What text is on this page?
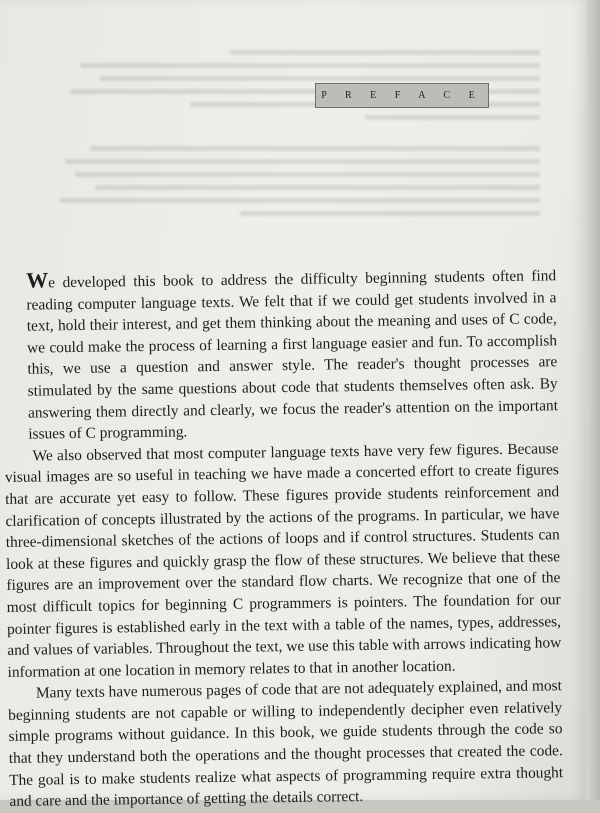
P R E F A C E

We developed this book to address the difficulty beginning students often find reading computer language texts. We felt that if we could get students involved in a text, hold their interest, and get them thinking about the meaning and uses of C code, we could make the process of learning a first language easier and fun. To accomplish this, we use a question and answer style. The reader's thought processes are stimulated by the same questions about code that students themselves often ask. By answering them directly and clearly, we focus the reader's attention on the important issues of C programming.

We also observed that most computer language texts have very few figures. Because visual images are so useful in teaching we have made a concerted effort to create figures that are accurate yet easy to follow. These figures provide students reinforcement and clarification of concepts illustrated by the actions of the programs. In particular, we have three-dimensional sketches of the actions of loops and if control structures. Students can look at these figures and quickly grasp the flow of these structures. We believe that these figures are an improvement over the standard flow charts. We recognize that one of the most difficult topics for beginning C programmers is pointers. The foundation for our pointer figures is established early in the text with a table of the names, types, addresses, and values of variables. Throughout the text, we use this table with arrows indicating how information at one location in memory relates to that in another location.

Many texts have numerous pages of code that are not adequately explained, and most beginning students are not capable or willing to independently decipher even relatively simple programs without guidance. In this book, we guide students through the code so that they understand both the operations and the thought processes that created the code. The goal is to make students realize what aspects of programming require extra thought and care and the importance of getting the details correct.
